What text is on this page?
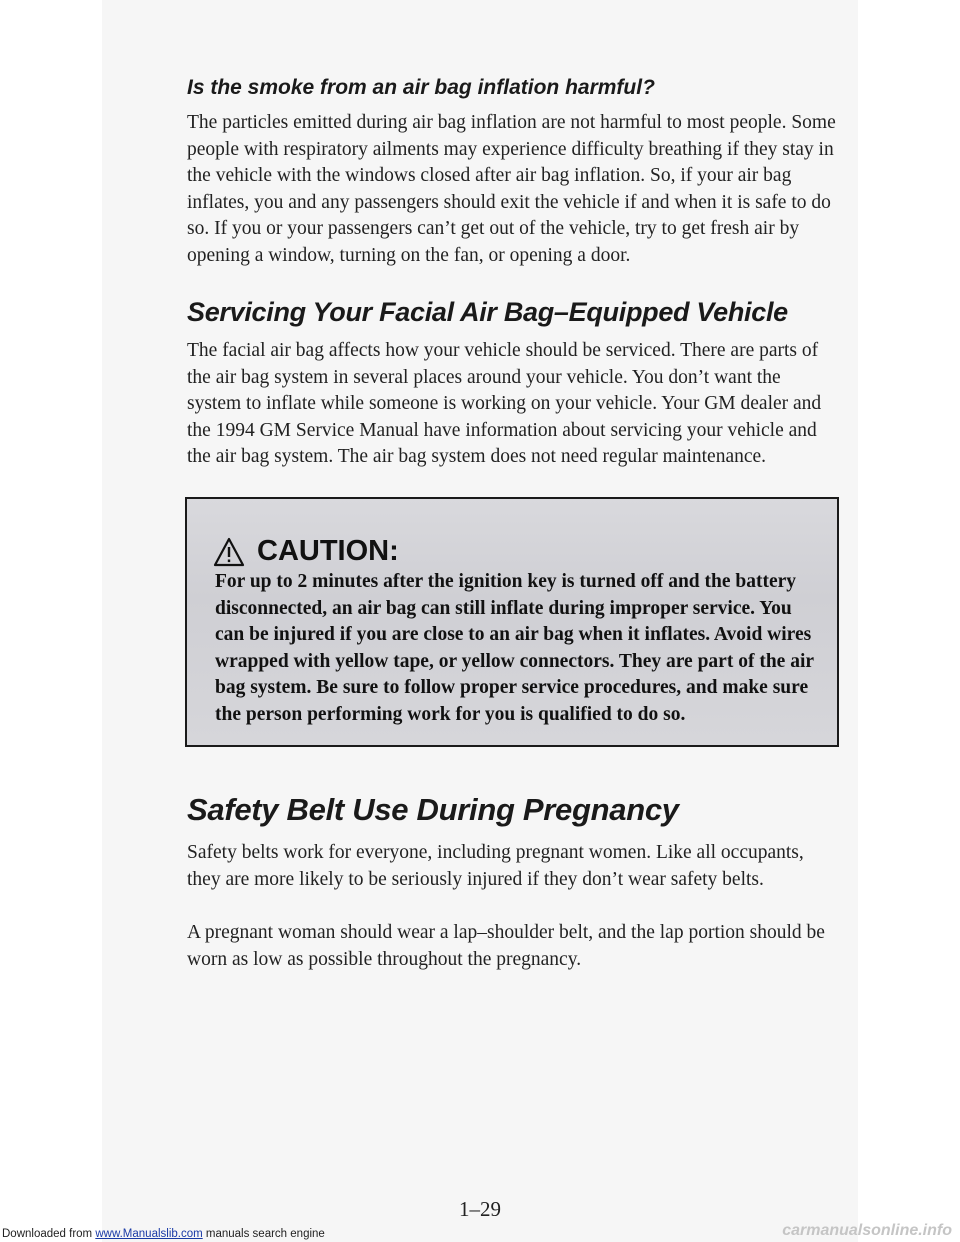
Is the smoke from an air bag inflation harmful?

The particles emitted during air bag inflation are not harmful to most people. Some people with respiratory ailments may experience difficulty breathing if they stay in the vehicle with the windows closed after air bag inflation. So, if your air bag inflates, you and any passengers should exit the vehicle if and when it is safe to do so. If you or your passengers can’t get out of the vehicle, try to get fresh air by opening a window, turning on the fan, or opening a door.

Servicing Your Facial Air Bag–Equipped Vehicle

The facial air bag affects how your vehicle should be serviced. There are parts of the air bag system in several places around your vehicle. You don’t want the system to inflate while someone is working on your vehicle. Your GM dealer and the 1994 GM Service Manual have information about servicing your vehicle and the air bag system. The air bag system does not need regular maintenance.

CAUTION:

For up to 2 minutes after the ignition key is turned off and the battery disconnected, an air bag can still inflate during improper service. You can be injured if you are close to an air bag when it inflates. Avoid wires wrapped with yellow tape, or yellow connectors. They are part of the air bag system. Be sure to follow proper service procedures, and make sure the person performing work for you is qualified to do so.

Safety Belt Use During Pregnancy

Safety belts work for everyone, including pregnant women. Like all occupants, they are more likely to be seriously injured if they don’t wear safety belts.

A pregnant woman should wear a lap–shoulder belt, and the lap portion should be worn as low as possible throughout the pregnancy.

1–29

Downloaded from www.Manualslib.com manuals search engine	carmanualsonline.info
